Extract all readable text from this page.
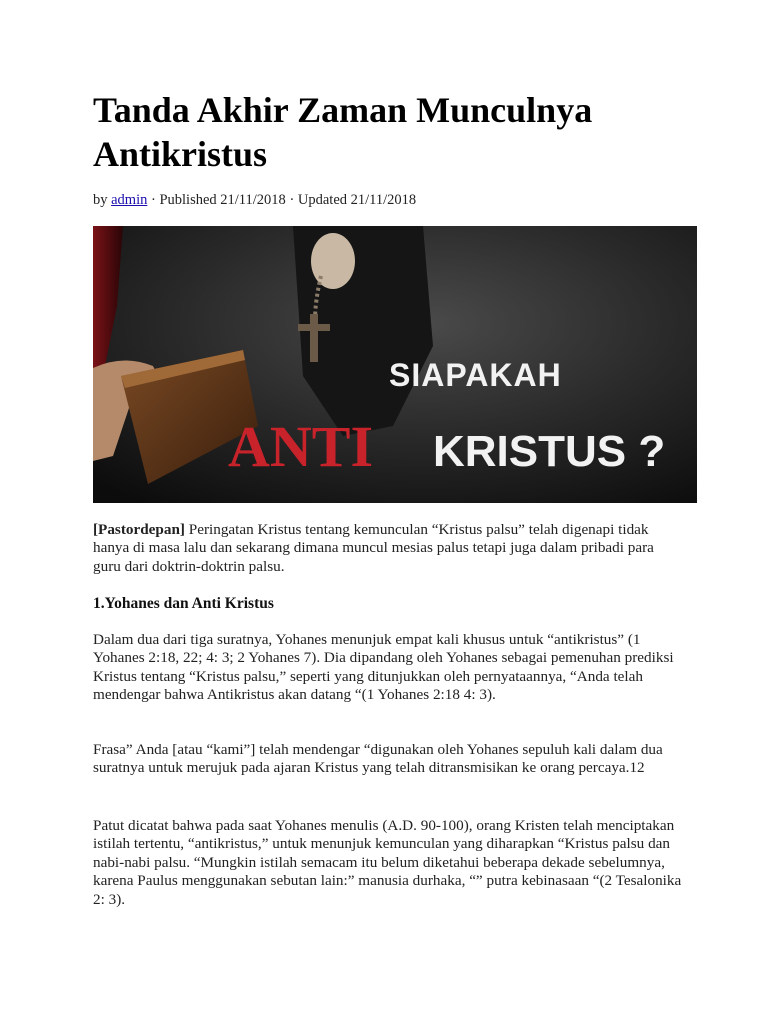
Tanda Akhir Zaman Munculnya Antikristus
by admin · Published 21/11/2018 · Updated 21/11/2018
SIAPAKAH
ANTI KRISTUS ?

[Pastordepan] Peringatan Kristus tentang kemunculan “Kristus palsu” telah digenapi tidak hanya di masa lalu dan sekarang dimana muncul mesias palus tetapi juga dalam pribadi para guru dari doktrin-doktrin palsu.

1.Yohanes dan Anti Kristus

Dalam dua dari tiga suratnya, Yohanes menunjuk empat kali khusus untuk “antikristus” (1 Yohanes 2:18, 22; 4: 3; 2 Yohanes 7). Dia dipandang oleh Yohanes sebagai pemenuhan prediksi Kristus tentang “Kristus palsu,” seperti yang ditunjukkan oleh pernyataannya, “Anda telah mendengar bahwa Antikristus akan datang “(1 Yohanes 2:18 4: 3).

Frasa” Anda [atau “kami”] telah mendengar “digunakan oleh Yohanes sepuluh kali dalam dua suratnya untuk merujuk pada ajaran Kristus yang telah ditransmisikan ke orang percaya.12

Patut dicatat bahwa pada saat Yohanes menulis (A.D. 90-100), orang Kristen telah menciptakan istilah tertentu, “antikristus,” untuk menunjuk kemunculan yang diharapkan “Kristus palsu dan nabi-nabi palsu. “Mungkin istilah semacam itu belum diketahui beberapa dekade sebelumnya, karena Paulus menggunakan sebutan lain:” manusia durhaka, “” putra kebinasaan “(2 Tesalonika 2: 3).
